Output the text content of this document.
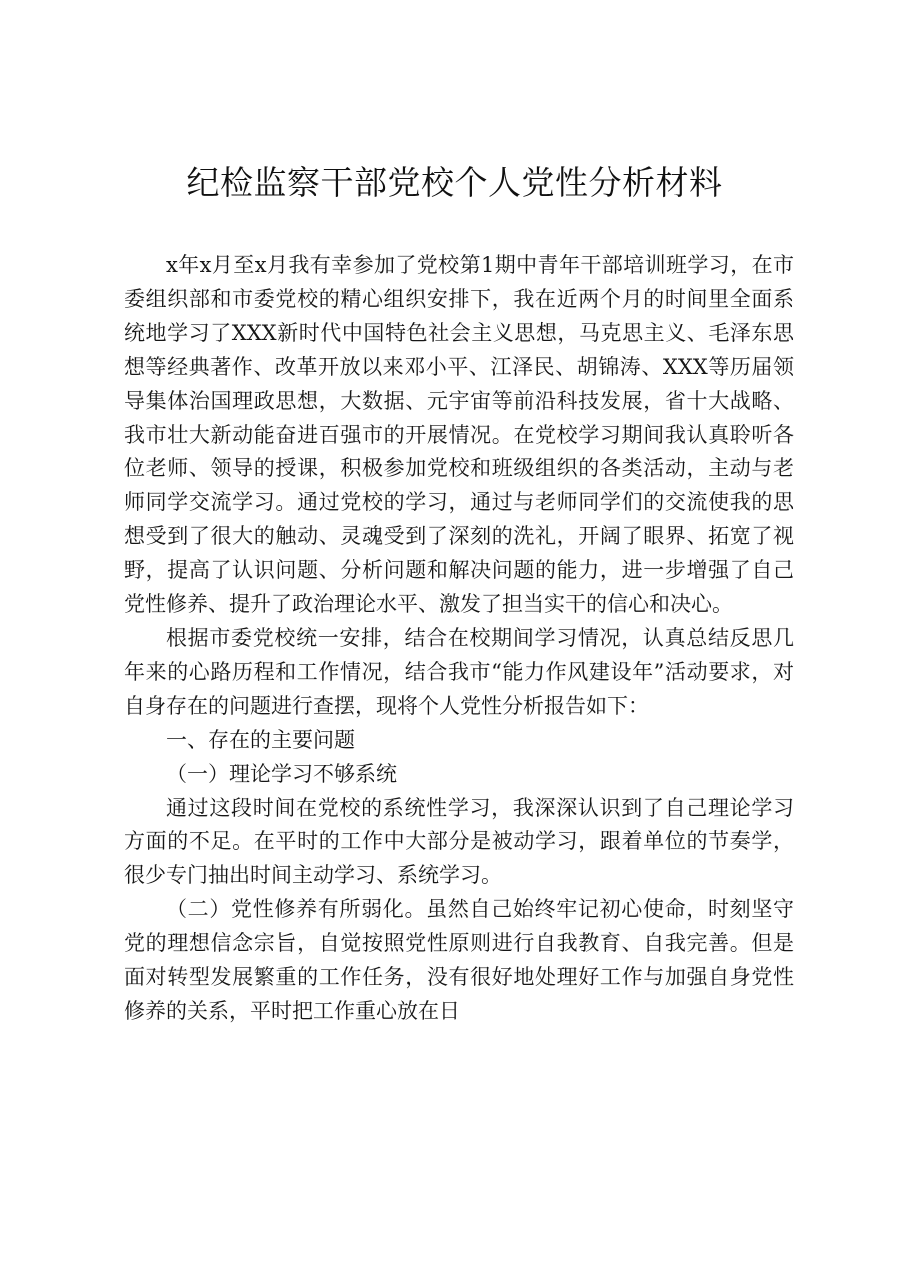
纪检监察干部党校个人党性分析材料

x年x月至x月我有幸参加了党校第1期中青年干部培训班学习，在市委组织部和市委党校的精心组织安排下，我在近两个月的时间里全面系统地学习了XXX新时代中国特色社会主义思想，马克思主义、毛泽东思想等经典著作、改革开放以来邓小平、江泽民、胡锦涛、XXX等历届领导集体治国理政思想，大数据、元宇宙等前沿科技发展，省十大战略、我市壮大新动能奋进百强市的开展情况。在党校学习期间我认真聆听各位老师、领导的授课，积极参加党校和班级组织的各类活动，主动与老师同学交流学习。通过党校的学习，通过与老师同学们的交流使我的思想受到了很大的触动、灵魂受到了深刻的洗礼，开阔了眼界、拓宽了视野，提高了认识问题、分析问题和解决问题的能力，进一步增强了自己党性修养、提升了政治理论水平、激发了担当实干的信心和决心。

根据市委党校统一安排，结合在校期间学习情况，认真总结反思几年来的心路历程和工作情况，结合我市“能力作风建设年”活动要求，对自身存在的问题进行查摆，现将个人党性分析报告如下：

一、存在的主要问题

（一）理论学习不够系统

通过这段时间在党校的系统性学习，我深深认识到了自己理论学习方面的不足。在平时的工作中大部分是被动学习，跟着单位的节奏学，很少专门抽出时间主动学习、系统学习。

（二）党性修养有所弱化。虽然自己始终牢记初心使命，时刻坚守党的理想信念宗旨，自觉按照党性原则进行自我教育、自我完善。但是面对转型发展繁重的工作任务，没有很好地处理好工作与加强自身党性修养的关系，平时把工作重心放在日
